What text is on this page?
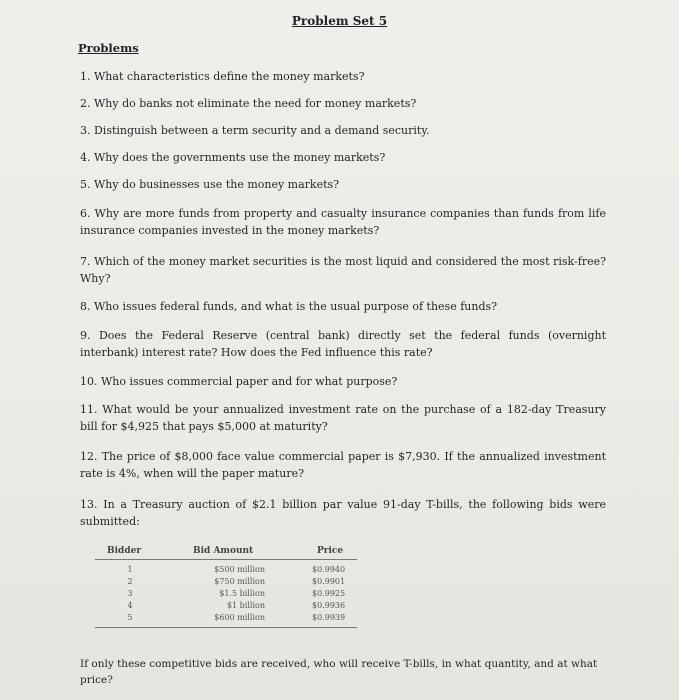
Problem Set 5
Problems
1. What characteristics define the money markets?
2. Why do banks not eliminate the need for money markets?
3. Distinguish between a term security and a demand security.
4. Why does the governments use the money markets?
5. Why do businesses use the money markets?
6. Why are more funds from property and casualty insurance companies than funds from life insurance companies invested in the money markets?
7. Which of the money market securities is the most liquid and considered the most risk-free? Why?
8. Who issues federal funds, and what is the usual purpose of these funds?
9. Does the Federal Reserve (central bank) directly set the federal funds (overnight interbank) interest rate? How does the Fed influence this rate?
10. Who issues commercial paper and for what purpose?
11. What would be your annualized investment rate on the purchase of a 182-day Treasury bill for $4,925 that pays $5,000 at maturity?
12. The price of $8,000 face value commercial paper is $7,930. If the annualized investment rate is 4%, when will the paper mature?
13. In a Treasury auction of $2.1 billion par value 91-day T-bills, the following bids were submitted:
Bidder	Bid Amount	Price
1	$500 million	$0.9940
2	$750 million	$0.9901
3	$1.5 billion	$0.9925
4	$1 billion	$0.9936
5	$600 million	$0.9939
If only these competitive bids are received, who will receive T-bills, in what quantity, and at what price?
